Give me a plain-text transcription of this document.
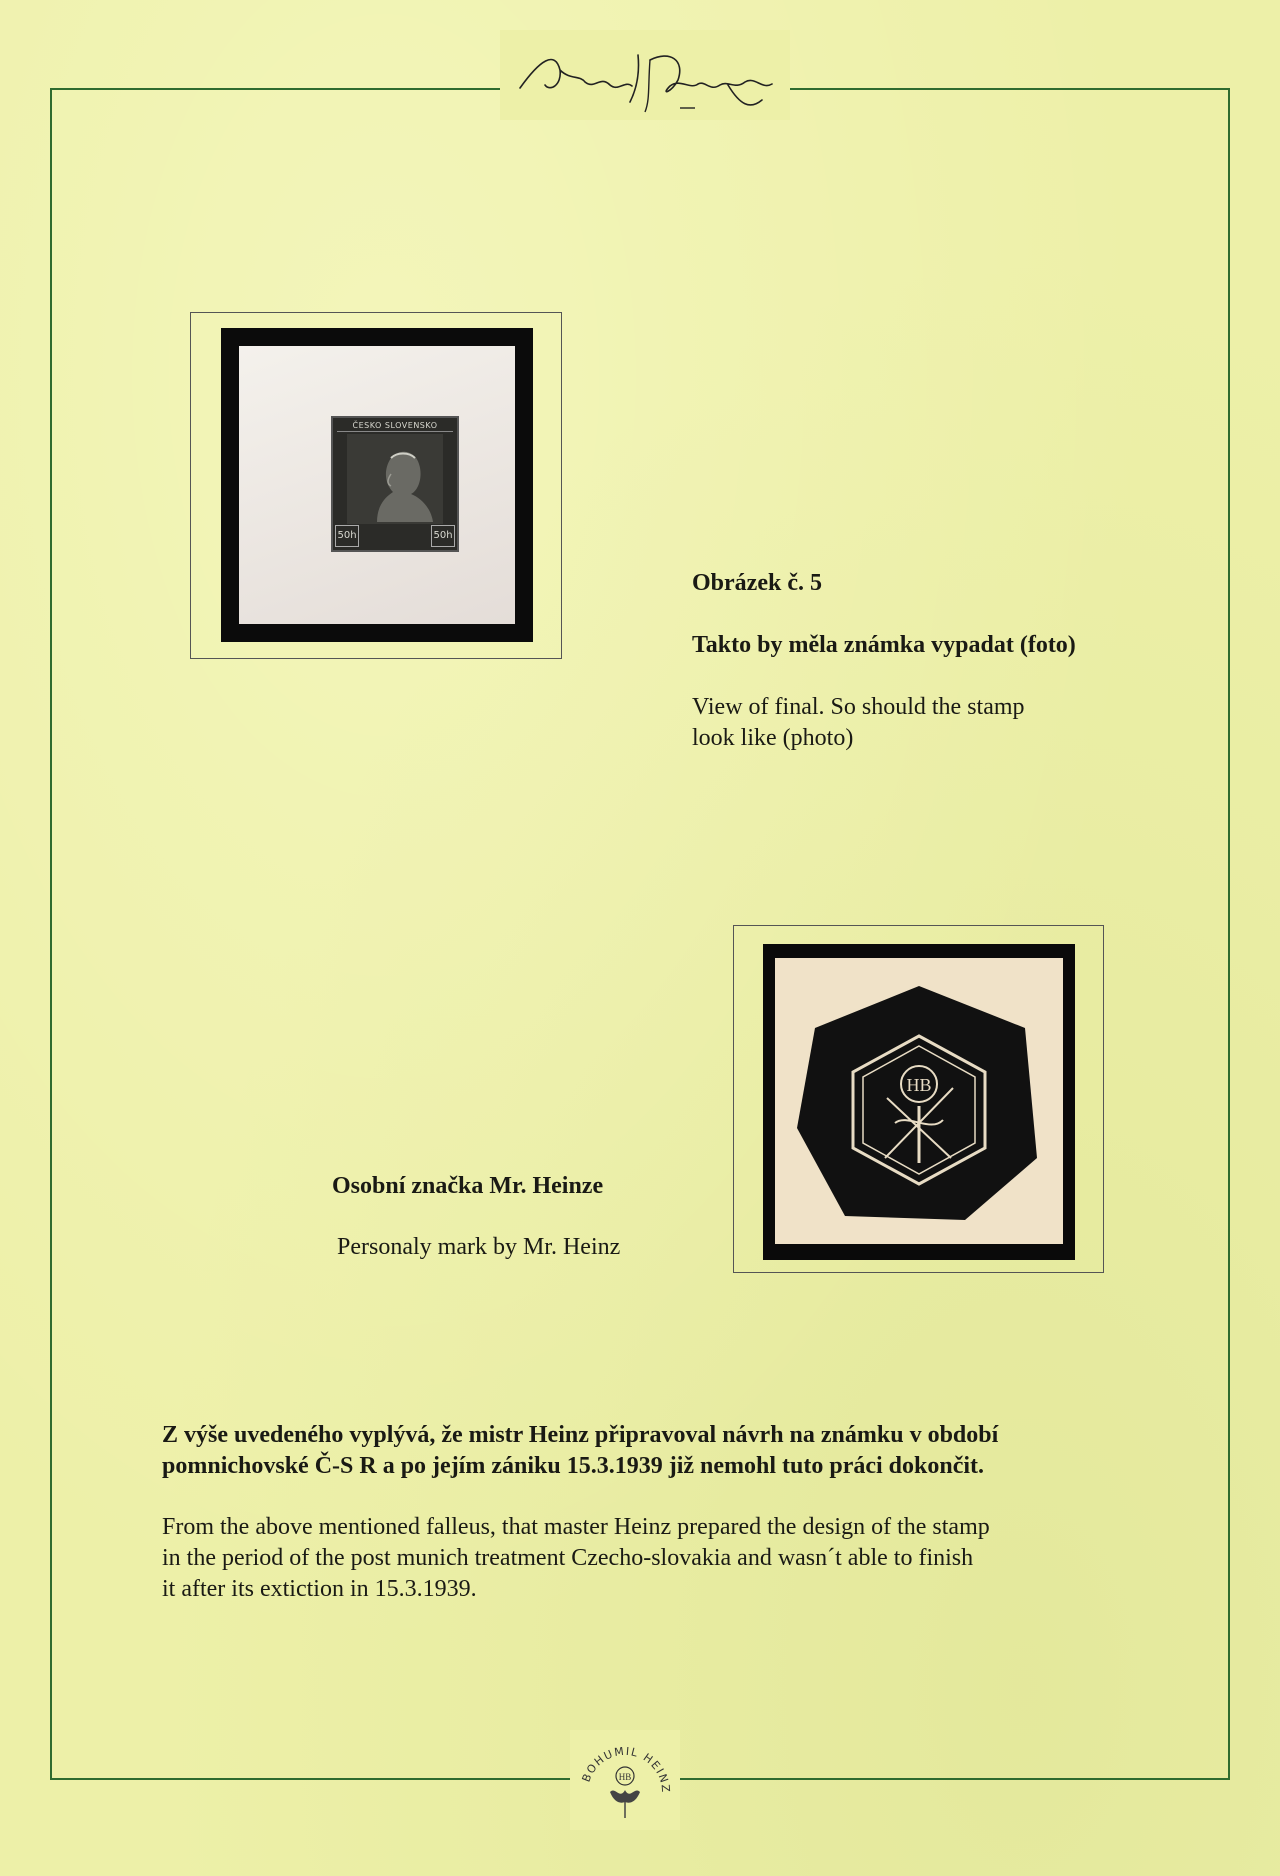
ČESKO SLOVENSKO
50h	50h
Obrázek č. 5
Takto by měla známka vypadat (foto)
View of final. So should the stamp
look like (photo)
HB
Osobní značka Mr. Heinze
Personaly mark by Mr. Heinz
Z výše uvedeného vyplývá, že mistr Heinz připravoval návrh na známku v období
pomnichovské Č-S R a po jejím zániku 15.3.1939 již nemohl tuto práci dokončit.
From the above mentioned falleus, that master Heinz prepared the design of the stamp
in the period of the post munich treatment Czecho-slovakia and wasn´t able to finish
it after its extiction in 15.3.1939.
BOHUMIL HEINZ
HB
